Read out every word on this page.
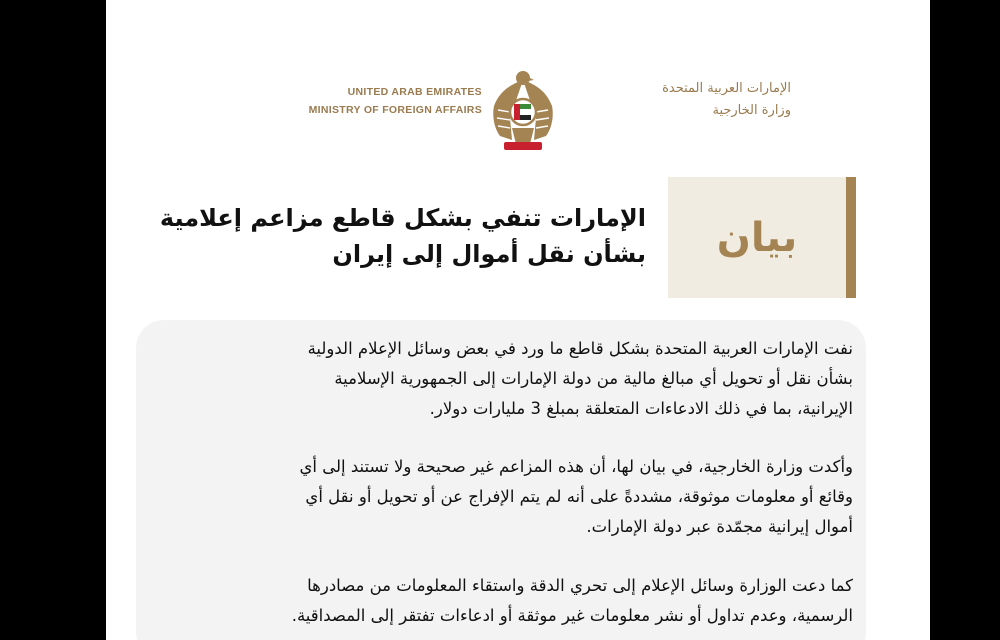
UNITED ARAB EMIRATES
MINISTRY OF FOREIGN AFFAIRS
الإمارات العربية المتحدة
وزارة الخارجية
الإمارات تنفي بشكل قاطع مزاعم إعلامية
بشأن نقل أموال إلى إيران بيان
نفت الإمارات العربية المتحدة بشكل قاطع ما ورد في بعض وسائل الإعلام الدولية
بشأن نقل أو تحويل أي مبالغ مالية من دولة الإمارات إلى الجمهورية الإسلامية
الإيرانية، بما في ذلك الادعاءات المتعلقة بمبلغ 3 مليارات دولار.
وأكدت وزارة الخارجية، في بيان لها، أن هذه المزاعم غير صحيحة ولا تستند إلى أي
وقائع أو معلومات موثوقة، مشددةً على أنه لم يتم الإفراج عن أو تحويل أو نقل أي
أموال إيرانية مجمّدة عبر دولة الإمارات.
كما دعت الوزارة وسائل الإعلام إلى تحري الدقة واستقاء المعلومات من مصادرها
الرسمية، وعدم تداول أو نشر معلومات غير موثقة أو ادعاءات تفتقر إلى المصداقية.
